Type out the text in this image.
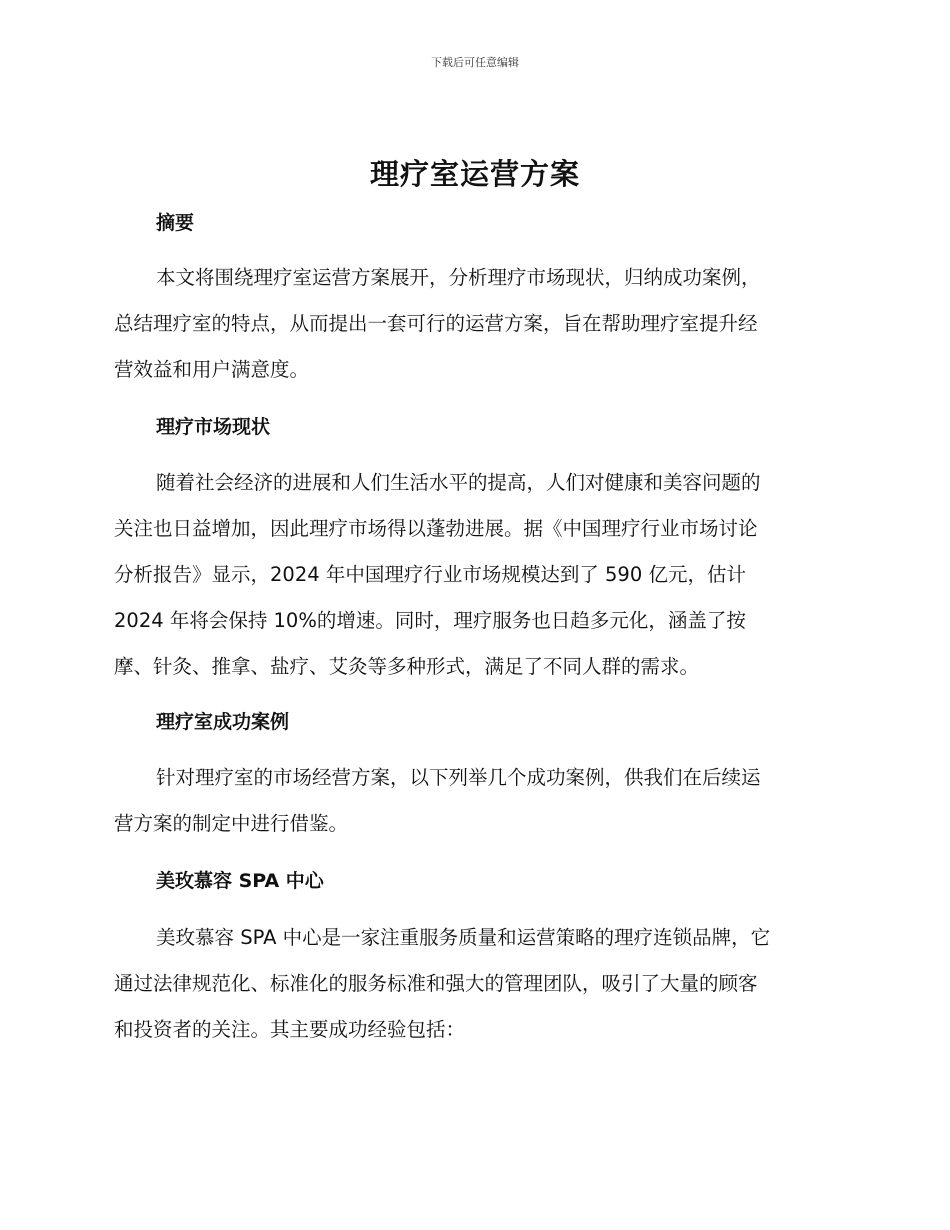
下载后可任意编辑
理疗室运营方案
摘要
本文将围绕理疗室运营方案展开，分析理疗市场现状，归纳成功案例，
总结理疗室的特点，从而提出一套可行的运营方案，旨在帮助理疗室提升经
营效益和用户满意度。
理疗市场现状
随着社会经济的进展和人们生活水平的提高，人们对健康和美容问题的
关注也日益增加，因此理疗市场得以蓬勃进展。据《中国理疗行业市场讨论
分析报告》显示，2024 年中国理疗行业市场规模达到了 590 亿元，估计
2024 年将会保持 10%的增速。同时，理疗服务也日趋多元化，涵盖了按
摩、针灸、推拿、盐疗、艾灸等多种形式，满足了不同人群的需求。
理疗室成功案例
针对理疗室的市场经营方案，以下列举几个成功案例，供我们在后续运
营方案的制定中进行借鉴。
美玫慕容 SPA 中心
美玫慕容 SPA 中心是一家注重服务质量和运营策略的理疗连锁品牌，它
通过法律规范化、标准化的服务标准和强大的管理团队，吸引了大量的顾客
和投资者的关注。其主要成功经验包括：
